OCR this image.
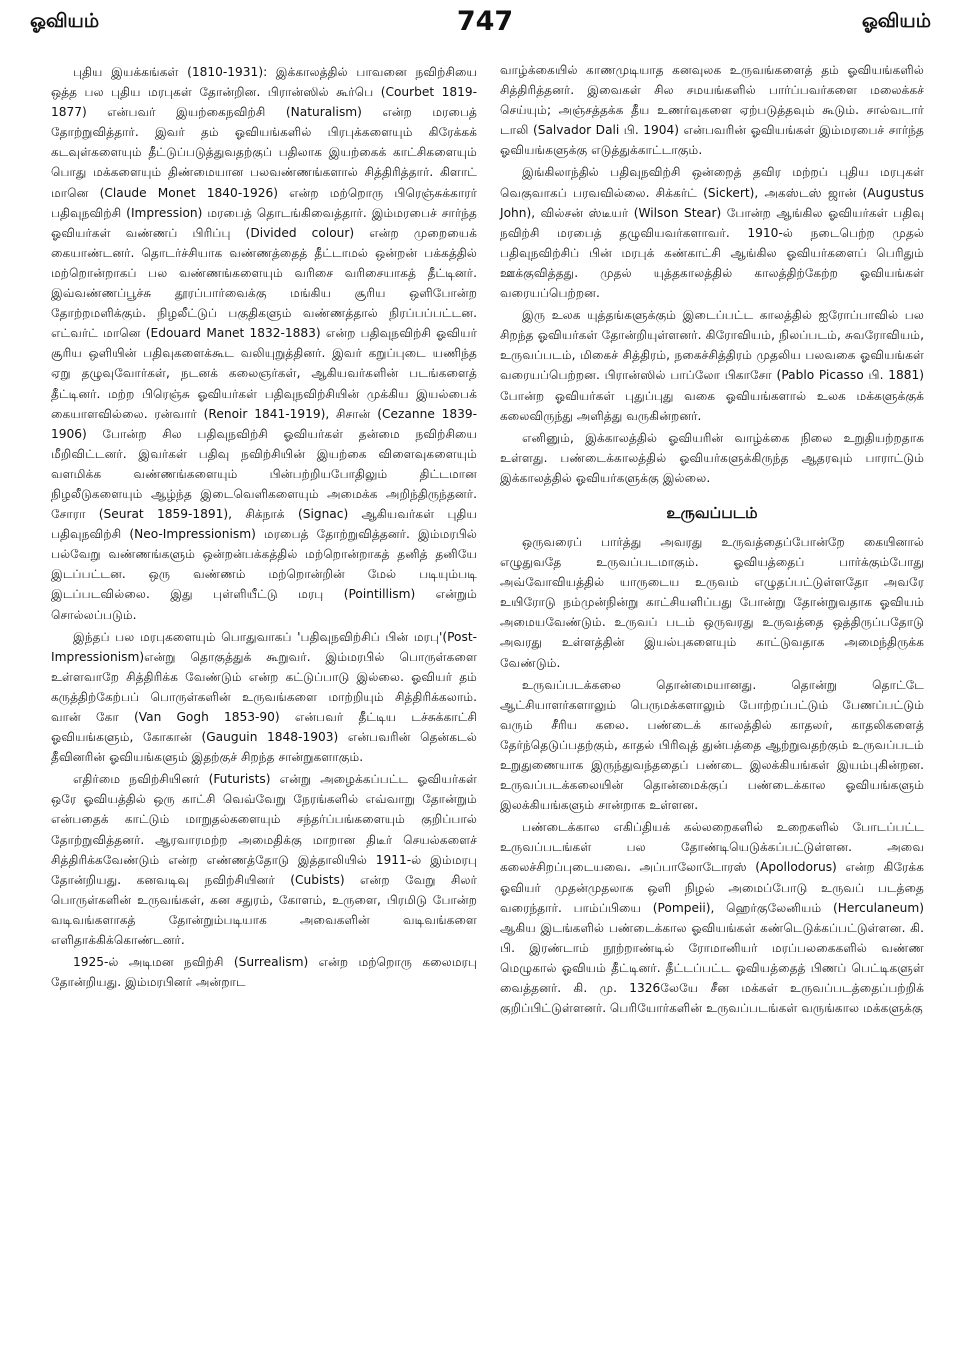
ஓவியம்	747	ஓவியம்

புதிய இயக்கங்கள் (1810-1931): இக்காலத்தில் பாவனை நவிற்சியை ஒத்த பல புதிய மரபுகள் தோன்றின. பிரான்ஸில் கூர்பெ (Courbet 1819-1877) என்பவர் இயற்கைநவிற்சி (Naturalism) என்ற மரபைத் தோற்றுவித்தார். இவர் தம் ஓவியங்களில் பிரபுக்களையும் கிரேக்கக் கடவுள்களையும் தீட்டுப்படுத்துவதற்குப் பதிலாக இயற்கைக் காட்சிகளையும் பொது மக்களையும் திண்மையான பலவண்ணங்களால் சித்திரித்தார். கிளாட் மானெ (Claude Monet 1840-1926) என்ற மற்றொரு பிரெஞ்சுக்காரர் பதிவுநவிற்சி (Impression) மரபைத் தொடங்கிவைத்தார். இம்மரபைச் சார்ந்த ஓவியர்கள் வண்ணப் பிரிப்பு (Divided colour) என்ற முறையைக் கையாண்டனர். தொடர்ச்சியாக வண்ணத்தைத் தீட்டாமல் ஒன்றன் பக்கத்தில் மற்றொன்றாகப் பல வண்ணங்களையும் வரிசை வரிசையாகத் தீட்டினர். இவ்வண்ணப்பூச்சு தூரப்பார்வைக்கு மங்கிய சூரிய ஒளிபோன்ற தோற்றமளிக்கும். நிழலீட்டுப் பகுதிகளும் வண்ணத்தால் நிரப்பப்பட்டன. எட்வர்ட் மானெ (Edouard Manet 1832-1883) என்ற பதிவுநவிற்சி ஓவியர் சூரிய ஒளியின் பதிவுகளைக்கூட வலியுறுத்தினர். இவர் கறுப்புடை யணிந்த ஏறு தழுவுவோர்கள், நடனக் கலைஞர்கள், ஆகியவர்களின் படங்களைத் தீட்டினர். மற்ற பிரெஞ்சு ஓவியர்கள் பதிவுநவிற்சியின் முக்கிய இயல்பைக் கையாளவில்லை. ரன்வார் (Renoir 1841-1919), சிசான் (Cezanne 1839-1906) போன்ற சில பதிவுநவிற்சி ஓவியர்கள் தன்மை நவிற்சியை மீறிவிட்டனர். இவர்கள் பதிவு நவிற்சியின் இயற்கை விளைவுகளையும் வளமிக்க வண்ணங்களையும் பின்பற்றியபோதிலும் திட்டமான நிழலீடுகளையும் ஆழ்ந்த இடைவெளிகளையும் அமைக்க அறிந்திருந்தனர். சோரா (Seurat 1859-1891), சிக்நாக் (Signac) ஆகியவர்கள் புதிய பதிவுநவிற்சி (Neo-Impressionism) மரபைத் தோற்றுவித்தனர். இம்மரபில் பல்வேறு வண்ணங்களும் ஒன்றன்பக்கத்தில் மற்றொன்றாகத் தனித் தனியே இடப்பட்டன. ஒரு வண்ணம் மற்றொன்றின் மேல் படியும்படி இடப்படவில்லை. இது புள்ளியீட்டு மரபு (Pointillism) என்றும் சொல்லப்படும்.

இந்தப் பல மரபுகளையும் பொதுவாகப் 'பதிவுநவிற்சிப் பின் மரபு'(Post-Impressionism)என்று தொகுத்துக் கூறுவர். இம்மரபில் பொருள்களை உள்ளவாறே சித்திரிக்க வேண்டும் என்ற கட்டுப்பாடு இல்லை. ஓவியர் தம் கருத்திற்கேற்பப் பொருள்களின் உருவங்களை மாற்றியும் சித்திரிக்கலாம். வான் கோ (Van Gogh 1853-90) என்பவர் தீட்டிய டச்சுக்காட்சி ஓவியங்களும், கோகான் (Gauguin 1848-1903) என்பவரின் தென்கடல் தீவினரின் ஓவியங்களும் இதற்குச் சிறந்த சான்றுகளாகும்.

எதிர்மை நவிற்சியினர் (Futurists) என்று அழைக்கப்பட்ட ஓவியர்கள் ஒரே ஓவியத்தில் ஒரு காட்சி வெவ்வேறு நேரங்களில் எவ்வாறு தோன்றும் என்பதைக் காட்டும் மாறுதல்களையும் சந்தர்ப்பங்களையும் குறிப்பால் தோற்றுவித்தனர். ஆரவாரமற்ற அமைதிக்கு மாறான திடீர் செயல்களைச் சித்திரிக்கவேண்டும் என்ற எண்ணத்தோடு இத்தாலியில் 1911-ல் இம்மரபு தோன்றியது. கனவடிவு நவிற்சியினர் (Cubists) என்ற வேறு சிலர் பொருள்களின் உருவங்கள், கன சதுரம், கோளம், உருளை, பிரமிடு போன்ற வடிவங்களாகத் தோன்றும்படியாக அவைகளின் வடிவங்களை எளிதாக்கிக்கொண்டனர்.

1925-ல் அடிமன நவிற்சி (Surrealism) என்ற மற்றொரு கலைமரபு தோன்றியது. இம்மரபினர் அன்றாட

வாழ்க்கையில் காணமுடியாத கனவுலக உருவங்களைத் தம் ஓவியங்களில் சித்திரித்தனர். இவைகள் சில சமயங்களில் பார்ப்பவர்களை மலைக்கச் செய்யும்; அஞ்சத்தக்க தீய உணர்வுகளை ஏற்படுத்தவும் கூடும். சால்வடார் டாலி (Salvador Dali பி. 1904) என்பவரின் ஓவியங்கள் இம்மரபைச் சார்ந்த ஓவியங்களுக்கு எடுத்துக்காட்டாகும்.

இங்கிலாந்தில் பதிவுநவிற்சி ஒன்றைத் தவிர மற்றப் புதிய மரபுகள் வெகுவாகப் பரவவில்லை. சிக்கர்ட் (Sickert), அகஸ்டஸ் ஜான் (Augustus John), வில்சன் ஸ்டீயர் (Wilson Stear) போன்ற ஆங்கில ஓவியர்கள் பதிவு நவிற்சி மரபைத் தழுவியவர்களாவர். 1910-ல் நடைபெற்ற முதல் பதிவுநவிற்சிப் பின் மரபுக் கண்காட்சி ஆங்கில ஓவியர்களைப் பெரிதும் ஊக்குவித்தது. முதல் யுத்தகாலத்தில் காலத்திற்கேற்ற ஓவியங்கள் வரையப்பெற்றன.

இரு உலக யுத்தங்களுக்கும் இடைப்பட்ட காலத்தில் ஐரோப்பாவில் பல சிறந்த ஓவியர்கள் தோன்றியுள்ளனர். கிரோவியம், நிலப்படம், சுவரோவியம், உருவப்படம், மிகைச் சித்திரம், நகைச்சித்திரம் முதலிய பலவகை ஓவியங்கள் வரையப்பெற்றன. பிரான்ஸில் பாப்லோ பிகாசோ (Pablo Picasso பி. 1881) போன்ற ஓவியர்கள் புதுப்புது வகை ஓவியங்களால் உலக மக்களுக்குக் கலைவிருந்து அளித்து வருகின்றனர்.

எனினும், இக்காலத்தில் ஓவியரின் வாழ்க்கை நிலை உறுதியற்றதாக உள்ளது. பண்டைக்காலத்தில் ஓவியர்களுக்கிருந்த ஆதரவும் பாராட்டும் இக்காலத்தில் ஓவியர்களுக்கு இல்லை.

உருவப்படம்

ஒருவரைப் பார்த்து அவரது உருவத்தைப்போன்றே கையினால் எழுதுவதே உருவப்படமாகும். ஓவியத்தைப் பார்க்கும்போது அவ்வோவியத்தில் யாருடைய உருவம் எழுதப்பட்டுள்ளதோ அவரே உயிரோடு நம்முன்நின்று காட்சியளிப்பது போன்று தோன்றுவதாக ஓவியம் அமையவேண்டும். உருவப் படம் ஒருவரது உருவத்தை ஒத்திருப்பதோடு அவரது உள்ளத்தின் இயல்புகளையும் காட்டுவதாக அமைந்திருக்க வேண்டும்.

உருவப்படக்கலை தொன்மையானது. தொன்று தொட்டே ஆட்சியாளர்களாலும் பெருமக்களாலும் போற்றப்பட்டும் பேணப்பட்டும் வரும் சீரிய கலை. பண்டைக் காலத்தில் காதலர், காதலிகளைத் தேர்ந்தெடுப்பதற்கும், காதல் பிரிவுத் துன்பத்தை ஆற்றுவதற்கும் உருவப்படம் உறுதுணையாக இருந்துவந்ததைப் பண்டை இலக்கியங்கள் இயம்புகின்றன. உருவப்படக்கலையின் தொன்மைக்குப் பண்டைக்கால ஓவியங்களும் இலக்கியங்களும் சான்றாக உள்ளன.

பண்டைக்கால எகிப்தியக் கல்லறைகளில் உறைகளில் போடப்பட்ட உருவப்படங்கள் பல தோண்டியெடுக்கப்பட்டுள்ளன. அவை கலைச்சிறப்புடையவை. அப்பாலோடோரஸ் (Apollodorus) என்ற கிரேக்க ஓவியர் முதன்முதலாக ஒளி நிழல் அமைப்போடு உருவப் படத்தை வரைந்தார். பாம்ப்பியை (Pompeii), ஹெர்குலேனியம் (Herculaneum) ஆகிய இடங்களில் பண்டைக்கால ஓவியங்கள் கண்டெடுக்கப்பட்டுள்ளன. கி. பி. இரண்டாம் நூற்றாண்டில் ரோமானியர் மரப்பலகைகளில் வண்ண மெழுகால் ஓவியம் தீட்டினர். தீட்டப்பட்ட ஓவியத்தைத் பிணப் பெட்டிகளுள் வைத்தனர். கி. மு. 1326லேயே சீன மக்கள் உருவப்படத்தைப்பற்றிக் குறிப்பிட்டுள்ளனர். பெரியோர்களின் உருவப்படங்கள் வருங்கால மக்களுக்கு
